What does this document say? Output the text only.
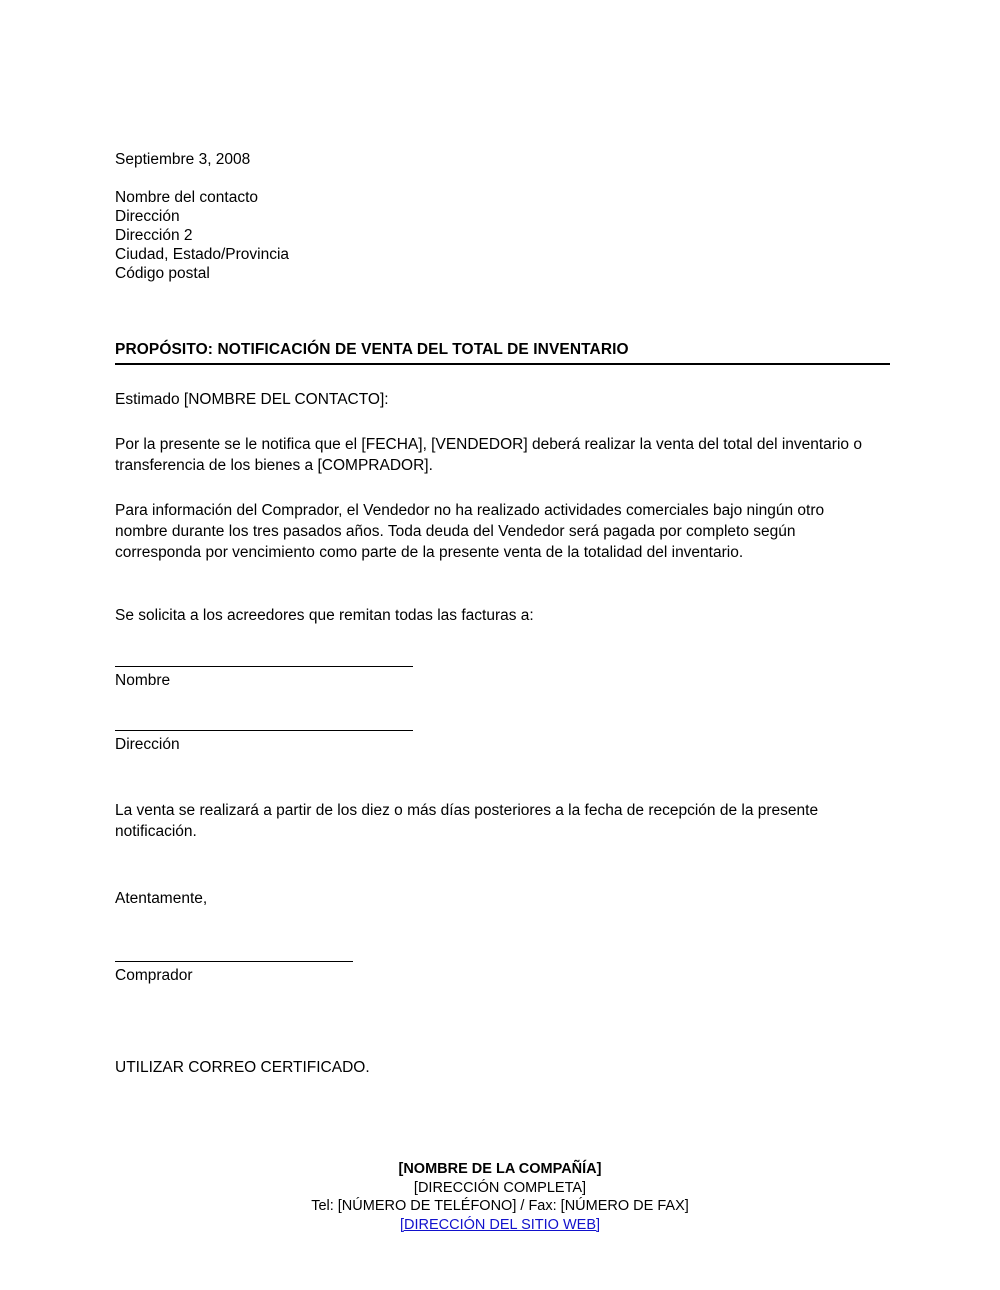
Septiembre 3, 2008
Nombre del contacto
Dirección
Dirección 2
Ciudad, Estado/Provincia
Código postal
PROPÓSITO: NOTIFICACIÓN DE VENTA DEL TOTAL DE INVENTARIO
Estimado [NOMBRE DEL CONTACTO]:
Por la presente se le notifica que el [FECHA], [VENDEDOR] deberá realizar la venta del total del inventario o transferencia de los bienes a [COMPRADOR].
Para información del Comprador, el Vendedor no ha realizado actividades comerciales bajo ningún otro nombre durante los tres pasados años. Toda deuda del Vendedor será pagada por completo según corresponda por vencimiento como parte de la presente venta de la totalidad del inventario.
Se solicita a los acreedores que remitan todas las facturas a:
Nombre
Dirección
La venta se realizará a partir de los diez o más días posteriores a la fecha de recepción de la presente notificación.
Atentamente,
Comprador
UTILIZAR CORREO CERTIFICADO.
[NOMBRE DE LA COMPAÑÍA]
[DIRECCIÓN COMPLETA]
Tel: [NÚMERO DE TELÉFONO] / Fax: [NÚMERO DE FAX]
[DIRECCIÓN DEL SITIO WEB]
